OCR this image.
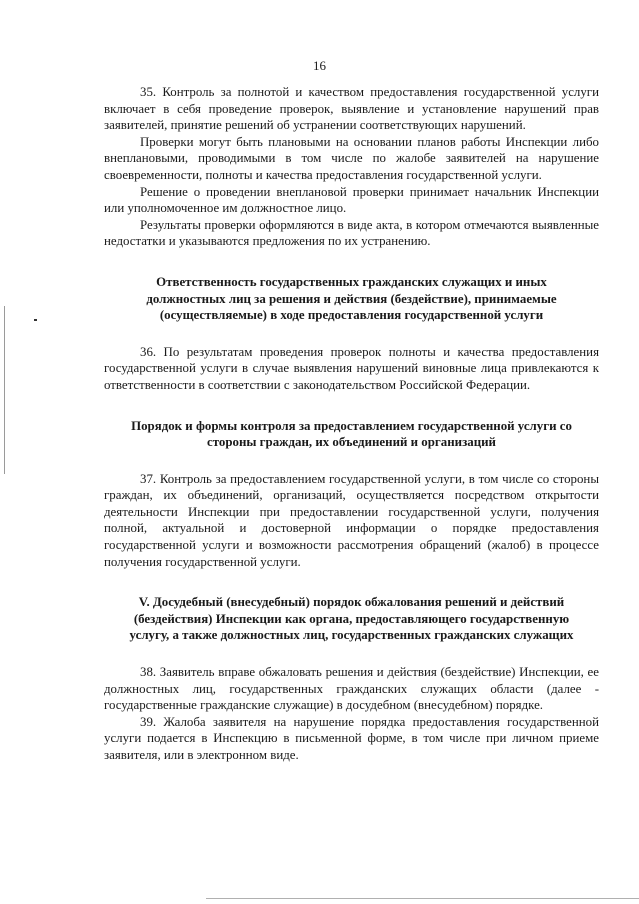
16

35. Контроль за полнотой и качеством предоставления государственной услуги включает в себя проведение проверок, выявление и установление нарушений прав заявителей, принятие решений об устранении соответствующих нарушений.

Проверки могут быть плановыми на основании планов работы Инспекции либо внеплановыми, проводимыми в том числе по жалобе заявителей на нарушение своевременности, полноты и качества предоставления государственной услуги.

Решение о проведении внеплановой проверки принимает начальник Инспекции или уполномоченное им должностное лицо.

Результаты проверки оформляются в виде акта, в котором отмечаются выявленные недостатки и указываются предложения по их устранению.

Ответственность государственных гражданских служащих и иных должностных лиц за решения и действия (бездействие), принимаемые (осуществляемые) в ходе предоставления государственной услуги

36. По результатам проведения проверок полноты и качества предоставления государственной услуги в случае выявления нарушений виновные лица привлекаются к ответственности в соответствии с законодательством Российской Федерации.

Порядок и формы контроля за предоставлением государственной услуги со стороны граждан, их объединений и организаций

37. Контроль за предоставлением государственной услуги, в том числе со стороны граждан, их объединений, организаций, осуществляется посредством открытости деятельности Инспекции при предоставлении государственной услуги, получения полной, актуальной и достоверной информации о порядке предоставления государственной услуги и возможности рассмотрения обращений (жалоб) в процессе получения государственной услуги.

V. Досудебный (внесудебный) порядок обжалования решений и действий (бездействия) Инспекции как органа, предоставляющего государственную услугу, а также должностных лиц, государственных гражданских служащих

38. Заявитель вправе обжаловать решения и действия (бездействие) Инспекции, ее должностных лиц, государственных гражданских служащих области (далее - государственные гражданские служащие) в досудебном (внесудебном) порядке.

39. Жалоба заявителя на нарушение порядка предоставления государственной услуги подается в Инспекцию в письменной форме, в том числе при личном приеме заявителя, или в электронном виде.
